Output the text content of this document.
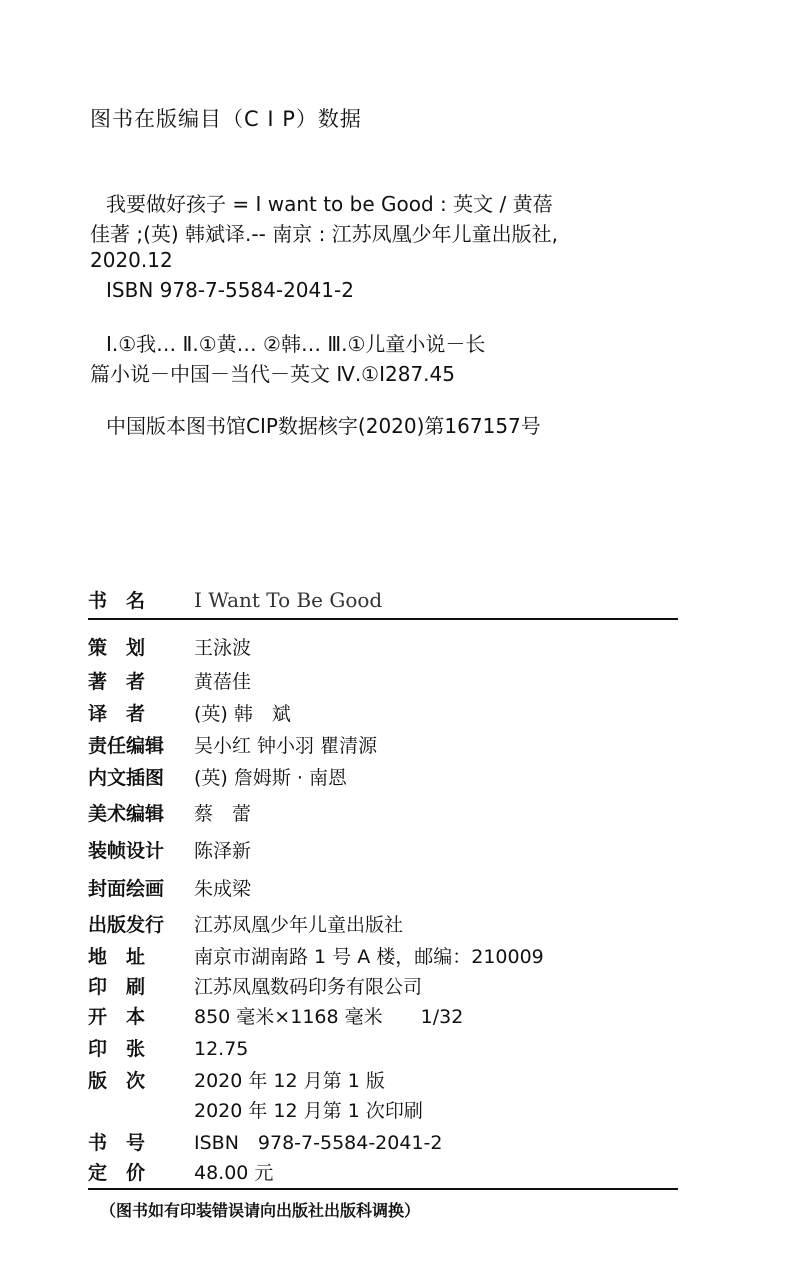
图书在版编目（C I P）数据
我要做好孩子 = I want to be Good : 英文 / 黄蓓
佳著 ;(英) 韩斌译.-- 南京 : 江苏凤凰少年儿童出版社,
2020.12
ISBN 978-7-5584-2041-2
Ⅰ.①我… Ⅱ.①黄… ②韩… Ⅲ.①儿童小说－长
篇小说－中国－当代－英文 Ⅳ.①I287.45
中国版本图书馆CIP数据核字(2020)第167157号
书　名 I Want To Be Good
策　划	王泳波
著　者	黄蓓佳
译　者	(英) 韩　斌
责任编辑 吴小红 钟小羽 瞿清源
内文插图 (英) 詹姆斯 · 南恩
美术编辑 蔡　蕾
装帧设计 陈泽新
封面绘画 朱成梁
出版发行 江苏凤凰少年儿童出版社
地　址	南京市湖南路 1 号 A 楼，邮编：210009
印　刷	江苏凤凰数码印务有限公司
开　本	850 毫米×1168 毫米　　1/32
印　张	12.75
版　次	2020 年 12 月第 1 版
2020 年 12 月第 1 次印刷
书　号	ISBN　978-7-5584-2041-2
定　价	48.00 元
（图书如有印装错误请向出版社出版科调换）
